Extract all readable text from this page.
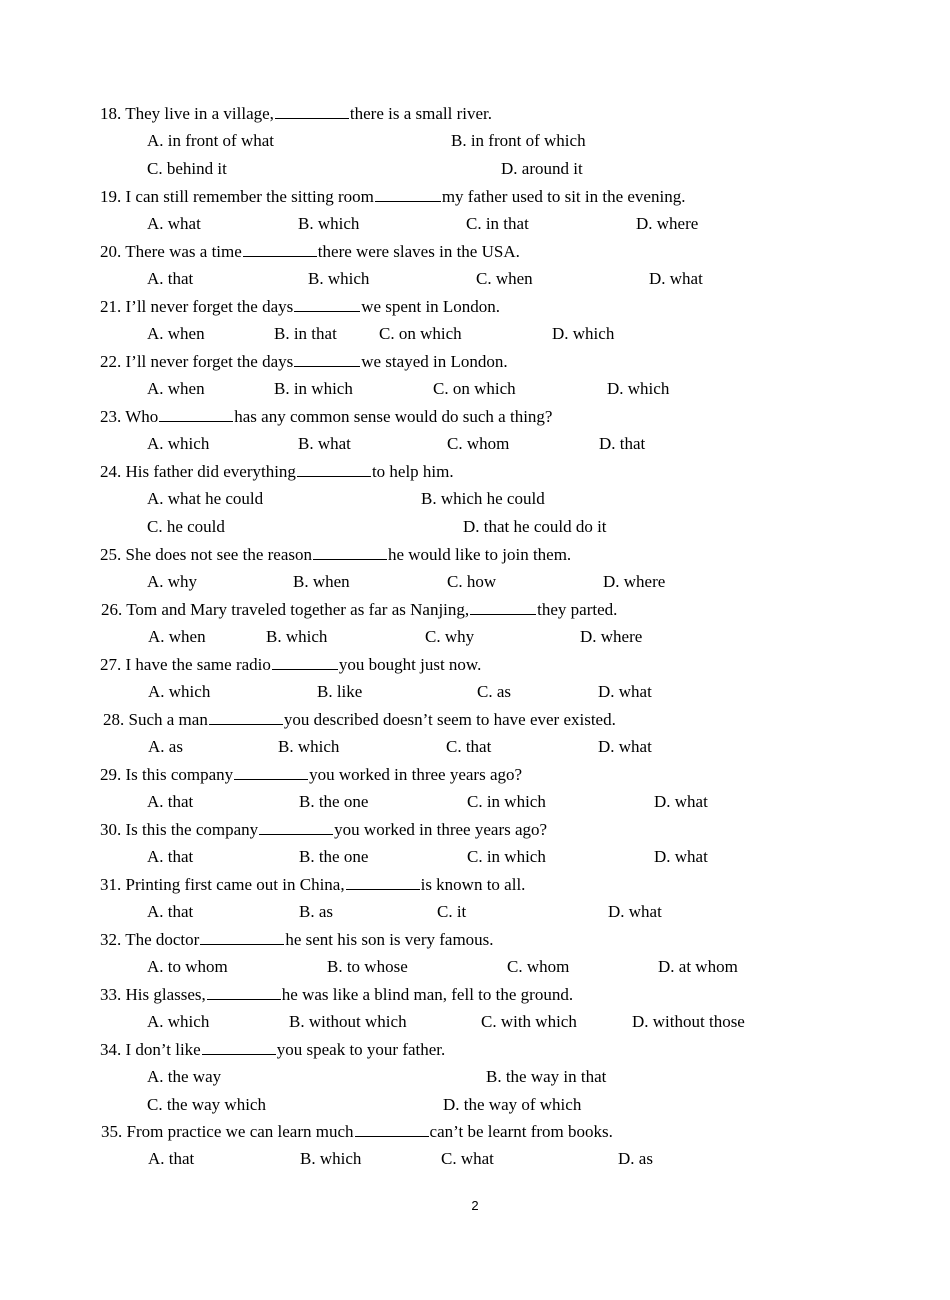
18. They live in a village,	there is a small river.
A. in front of what	B. in front of which
C. behind it	D. around it
19. I can still remember the sitting room	my father used to sit in the evening.
A. what	B. which	C. in that	D. where
20. There was a time	there were slaves in the USA.
A. that	B. which	C. when	D. what
21. I’ll never forget the days	we spent in London.
A. when	B. in that C. on which	D. which
22. I’ll never forget the days	we stayed in London.
A. when	B. in which	C. on which	D. which
23. Who	has any common sense would do such a thing?
A. which	B. what	C. whom	D. that
24. His father did everything	to help him.
A. what he could	B. which he could
C. he could	D. that he could do it
25. She does not see the reason	he would like to join them.
A. why	B. when	C. how	D. where
26. Tom and Mary traveled together as far as Nanjing,	they parted.
A. when	B. which	C. why	D. where
27. I have the same radio	you bought just now.
A. which	B. like	C. as	D. what
28. Such a man	you described doesn’t seem to have ever existed.
A. as	B. which	C. that	D. what
29. Is this company	you worked in three years ago?
A. that	B. the one	C. in which	D. what
30. Is this the company	you worked in three years ago?
A. that	B. the one	C. in which	D. what
31. Printing first came out in China,	is known to all.
A. that	B. as	C. it	D. what
32. The doctor	he sent his son is very famous.
A. to whom	B. to whose	C. whom	D. at whom
33. His glasses,	he was like a blind man, fell to the ground.
A. which	B. without which	C. with which	D. without those
34. I don’t like	you speak to your father.
A. the way	B. the way in that
C. the way which	D. the way of which
35. From practice we can learn much	can’t be learnt from books.
A. that	B. which	C. what	D. as
2
